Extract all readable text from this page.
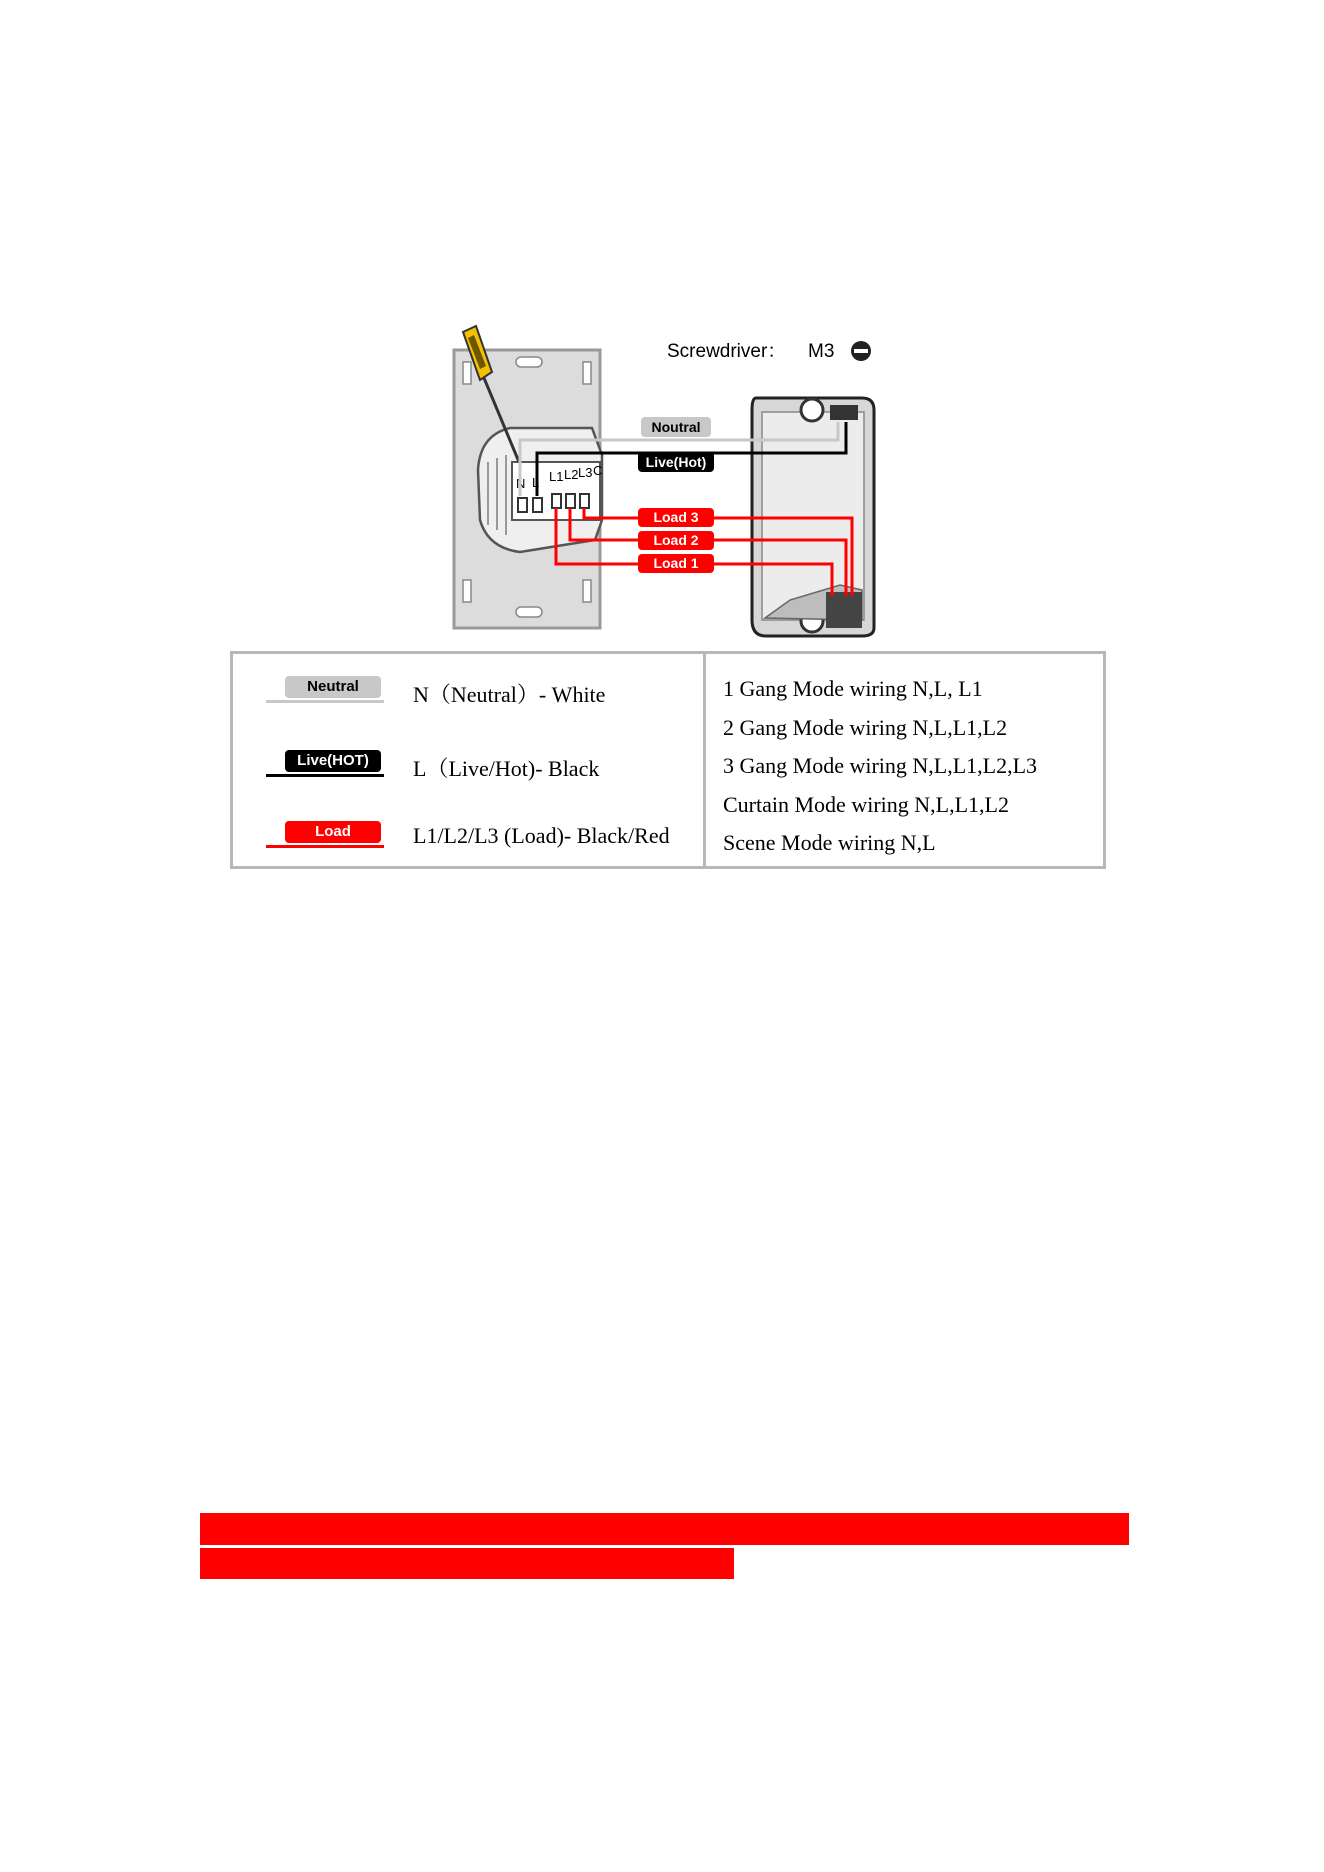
N L L1 L2 L3 C
Noutral
Live(Hot)
Load 3
Load 2
Load 1
Screwdriver： M3
Neutral	N（Neutral）- White
Live(HOT)	L（Live/Hot)- Black
Load	L1/L2/L3 (Load)- Black/Red
1 Gang Mode wiring N,L, L1
2 Gang Mode wiring N,L,L1,L2
3 Gang Mode wiring N,L,L1,L2,L3
Curtain Mode wiring N,L,L1,L2
Scene Mode wiring N,L
